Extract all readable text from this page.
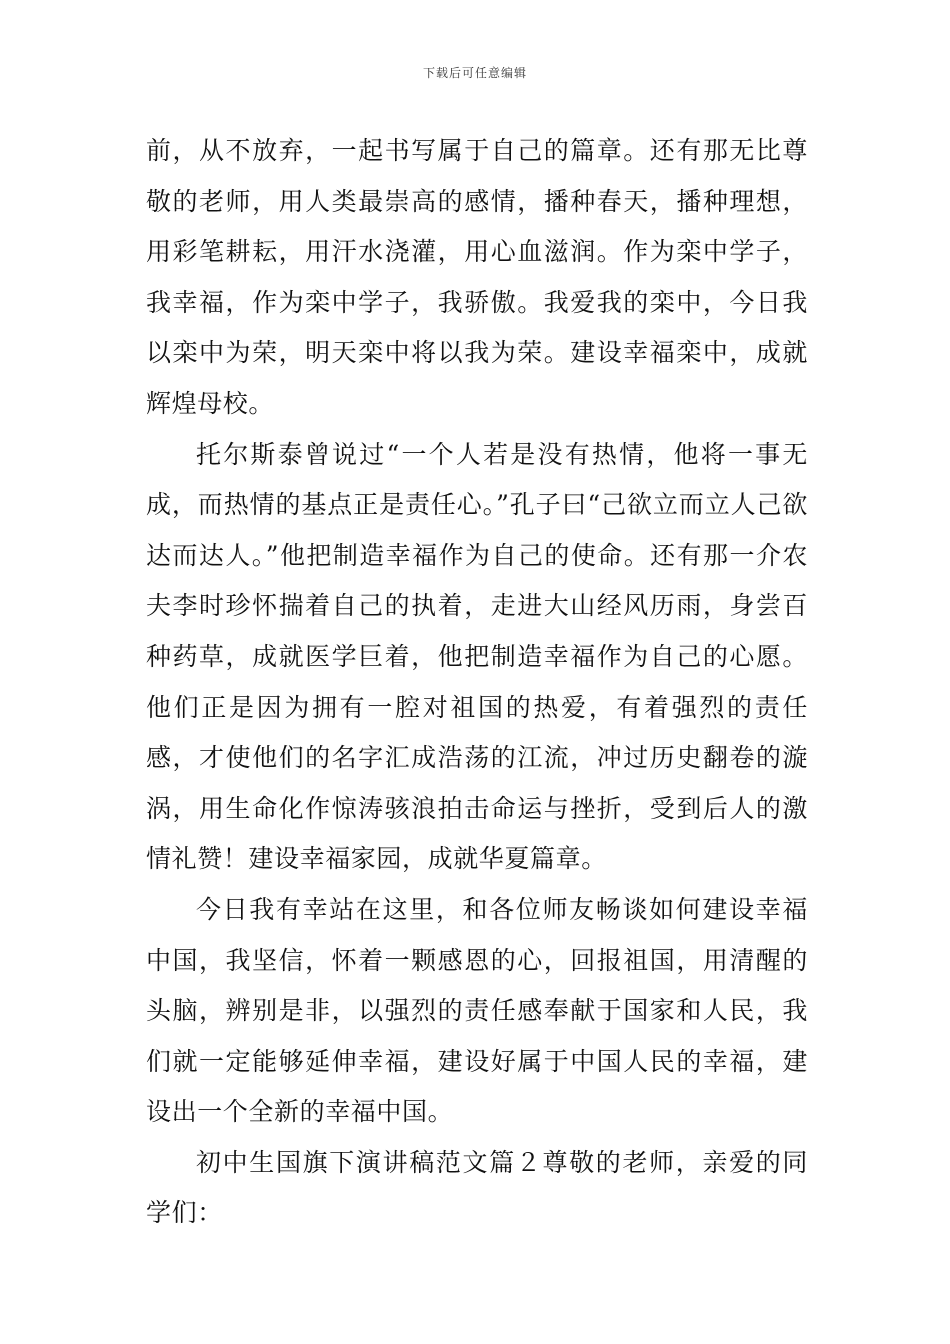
下载后可任意编辑

前，从不放弃，一起书写属于自己的篇章。还有那无比尊敬的老师，用人类最崇高的感情，播种春天，播种理想，用彩笔耕耘，用汗水浇灌，用心血滋润。作为栾中学子，我幸福，作为栾中学子，我骄傲。我爱我的栾中，今日我以栾中为荣，明天栾中将以我为荣。建设幸福栾中，成就辉煌母校。

托尔斯泰曾说过“一个人若是没有热情，他将一事无成，而热情的基点正是责任心。”孔子曰“己欲立而立人己欲达而达人。”他把制造幸福作为自己的使命。还有那一介农夫李时珍怀揣着自己的执着，走进大山经风历雨，身尝百种药草，成就医学巨着，他把制造幸福作为自己的心愿。他们正是因为拥有一腔对祖国的热爱，有着强烈的责任感，才使他们的名字汇成浩荡的江流，冲过历史翻卷的漩涡，用生命化作惊涛骇浪拍击命运与挫折，受到后人的激情礼赞！建设幸福家园，成就华夏篇章。

今日我有幸站在这里，和各位师友畅谈如何建设幸福中国，我坚信，怀着一颗感恩的心，回报祖国，用清醒的头脑，辨别是非，以强烈的责任感奉献于国家和人民，我们就一定能够延伸幸福，建设好属于中国人民的幸福，建设出一个全新的幸福中国。

初中生国旗下演讲稿范文篇２尊敬的老师，亲爱的同学们：
